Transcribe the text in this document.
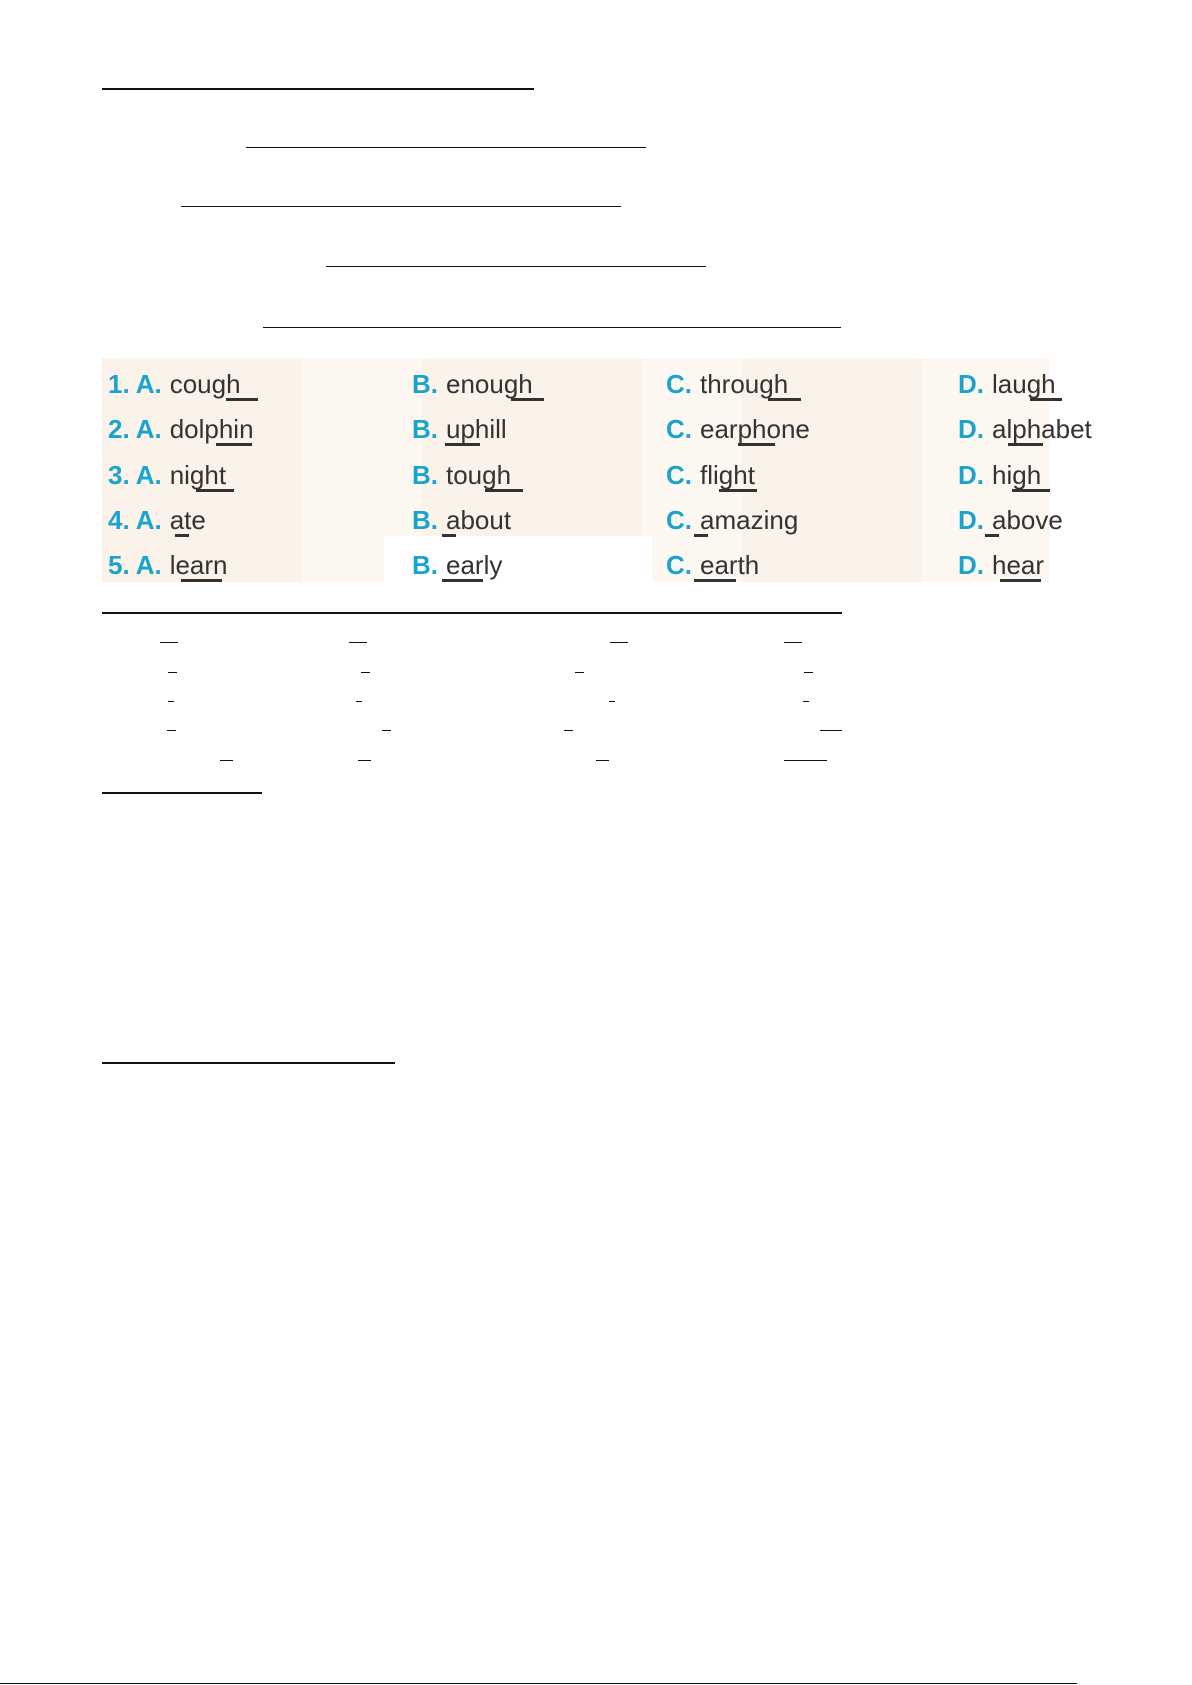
1. A. cough	B. enough	C. through	D. laugh
2. A. dolphin	B. uphill	C. earphone	D. alphabet
3. A. night	B. tough	C. flight	D. high
4. A. ate	B. about	C. amazing	D. above
5. A. learn	B. early	C. earth	D. hear
